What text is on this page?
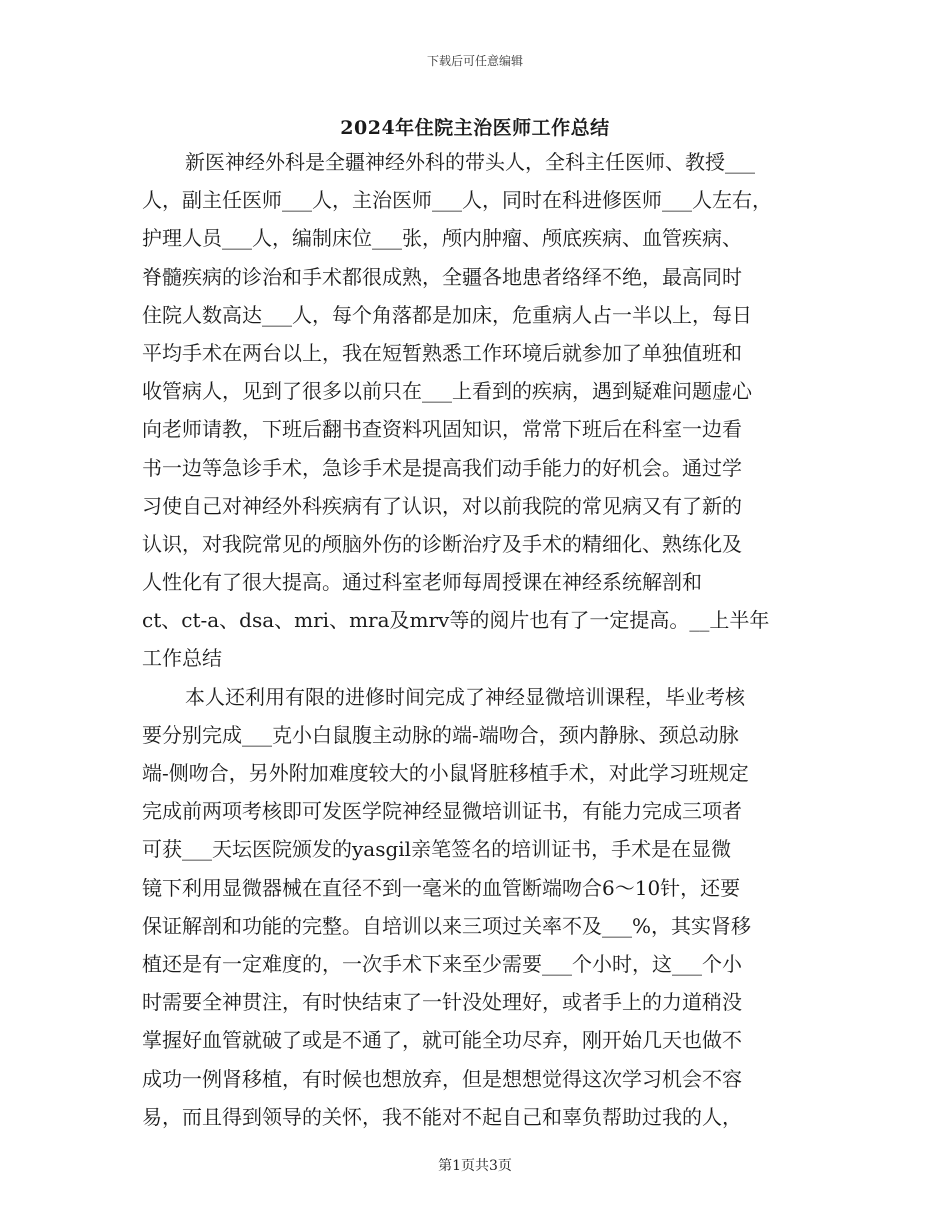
下载后可任意编辑
2024年住院主治医师工作总结
新医神经外科是全疆神经外科的带头人，全科主任医师、教授___
人，副主任医师___人，主治医师___人，同时在科进修医师___人左右，
护理人员___人，编制床位___张，颅内肿瘤、颅底疾病、血管疾病、
脊髓疾病的诊治和手术都很成熟，全疆各地患者络绎不绝，最高同时
住院人数高达___人，每个角落都是加床，危重病人占一半以上，每日
平均手术在两台以上，我在短暂熟悉工作环境后就参加了单独值班和
收管病人，见到了很多以前只在___上看到的疾病，遇到疑难问题虚心
向老师请教，下班后翻书查资料巩固知识，常常下班后在科室一边看
书一边等急诊手术，急诊手术是提高我们动手能力的好机会。通过学
习使自己对神经外科疾病有了认识，对以前我院的常见病又有了新的
认识，对我院常见的颅脑外伤的诊断治疗及手术的精细化、熟练化及
人性化有了很大提高。通过科室老师每周授课在神经系统解剖和
ct、ct-a、dsa、mri、mra及mrv等的阅片也有了一定提高。__上半年
工作总结
本人还利用有限的进修时间完成了神经显微培训课程，毕业考核
要分别完成___克小白鼠腹主动脉的端-端吻合，颈内静脉、颈总动脉
端-侧吻合，另外附加难度较大的小鼠肾脏移植手术，对此学习班规定
完成前两项考核即可发医学院神经显微培训证书，有能力完成三项者
可获___天坛医院颁发的yasgil亲笔签名的培训证书，手术是在显微
镜下利用显微器械在直径不到一毫米的血管断端吻合6～10针，还要
保证解剖和功能的完整。自培训以来三项过关率不及___%，其实肾移
植还是有一定难度的，一次手术下来至少需要___个小时，这___个小
时需要全神贯注，有时快结束了一针没处理好，或者手上的力道稍没
掌握好血管就破了或是不通了，就可能全功尽弃，刚开始几天也做不
成功一例肾移植，有时候也想放弃，但是想想觉得这次学习机会不容
易，而且得到领导的关怀，我不能对不起自己和辜负帮助过我的人，
第1页共3页
